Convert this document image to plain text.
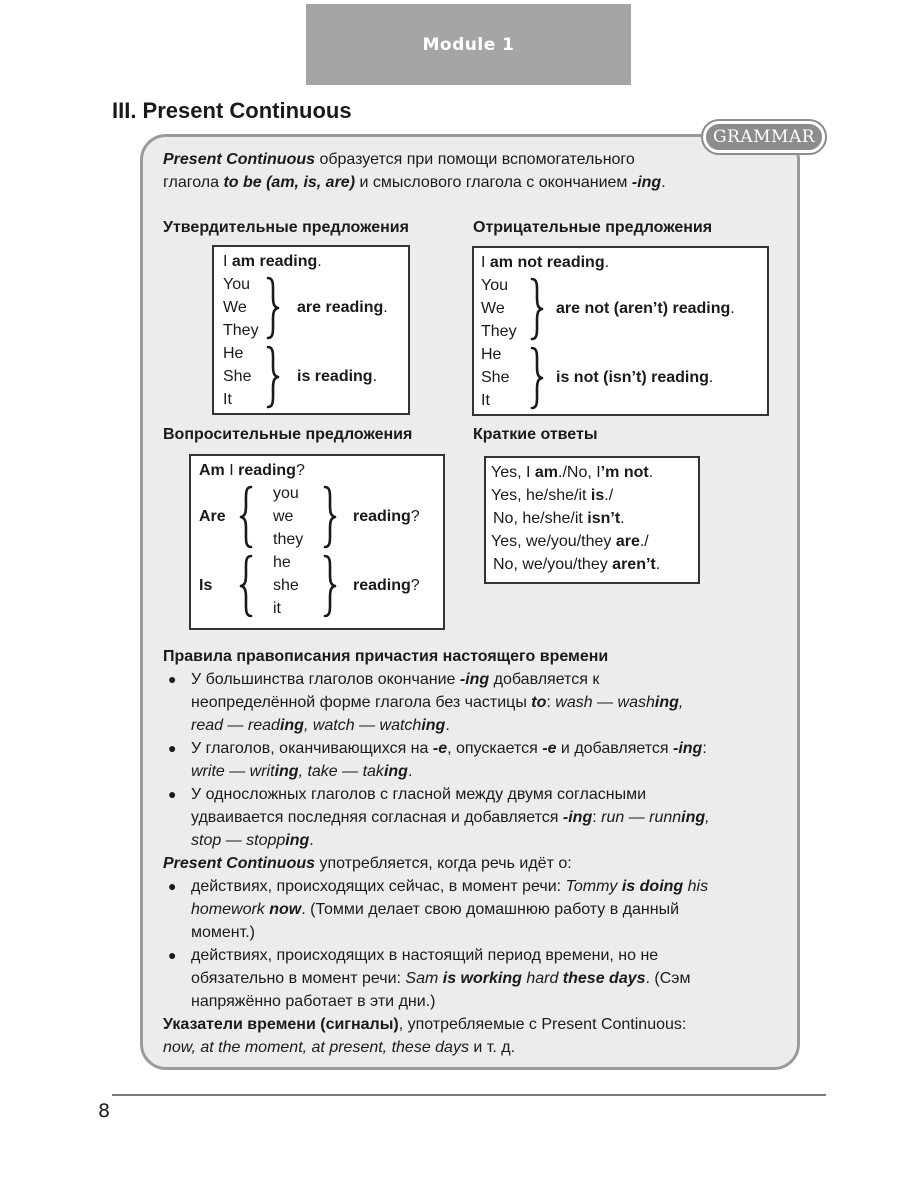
Module 1
III. Present Continuous
GRAMMAR
Present Continuous образуется при помощи вспомогательного
глагола to be (am, is, are) и смыслового глагола с окончанием -ing.
Утвердительные предложения
I am reading.
You
We
They
are reading.
He
She
It
is reading.
Отрицательные предложения
I am not reading.
You
We
They
are not (aren’t) reading.
He
She
It
is not (isn’t) reading.
Вопросительные предложения
Am I reading?
Are
you
we
they
reading?
Is
he
she
it
reading?
Краткие ответы
Yes, I am./No, I’m not.
Yes, he/she/it is./
No, he/she/it isn’t.
Yes, we/you/they are./
No, we/you/they aren’t.
Правила правописания причастия настоящего времени
● У большинства глаголов окончание -ing добавляется к
неопределённой форме глагола без частицы to: wash — washing,
read — reading, watch — watching.
● У глаголов, оканчивающихся на -e, опускается -e и добавляется -ing:
write — writing, take — taking.
● У односложных глаголов с гласной между двумя согласными
удваивается последняя согласная и добавляется -ing: run — running,
stop — stopping.
Present Continuous употребляется, когда речь идёт о:
● действиях, происходящих сейчас, в момент речи: Tommy is doing his
homework now. (Томми делает свою домашнюю работу в данный
момент.)
● действиях, происходящих в настоящий период времени, но не
обязательно в момент речи: Sam is working hard these days. (Сэм
напряжённо работает в эти дни.)
Указатели времени (сигналы), употребляемые с Present Continuous:
now, at the moment, at present, these days и т. д.
8
